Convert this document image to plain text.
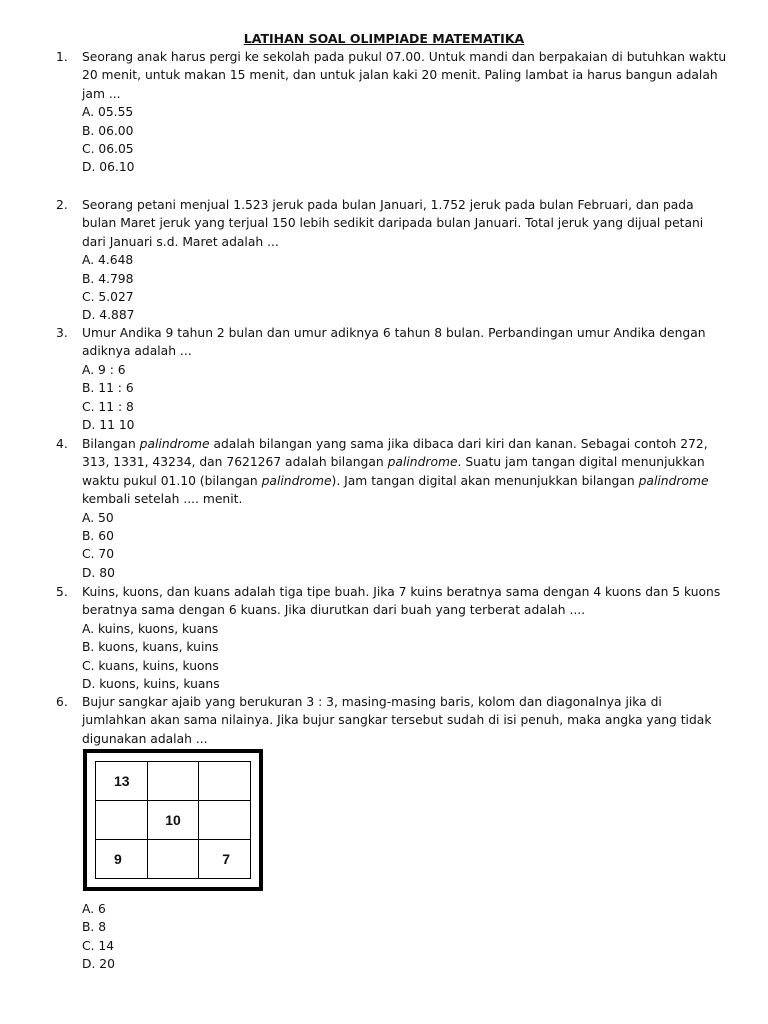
LATIHAN SOAL OLIMPIADE MATEMATIKA
1.	Seorang anak harus pergi ke sekolah pada pukul 07.00. Untuk mandi dan berpakaian di butuhkan waktu 20 menit, untuk makan 15 menit, dan untuk jalan kaki 20 menit. Paling lambat ia harus bangun adalah jam ...
A. 05.55
B. 06.00
C. 06.05
D. 06.10
2.	Seorang petani menjual 1.523 jeruk pada bulan Januari, 1.752 jeruk pada bulan Februari, dan pada bulan Maret jeruk yang terjual 150 lebih sedikit daripada bulan Januari. Total jeruk yang dijual petani dari Januari s.d. Maret adalah ...
A. 4.648
B. 4.798
C. 5.027
D. 4.887
3.	Umur Andika 9 tahun 2 bulan dan umur adiknya 6 tahun 8 bulan. Perbandingan umur Andika dengan adiknya adalah ...
A. 9 : 6
B. 11 : 6
C. 11 : 8
D. 11 10
4.	Bilangan palindrome adalah bilangan yang sama jika dibaca dari kiri dan kanan. Sebagai contoh 272, 313, 1331, 43234, dan 7621267 adalah bilangan palindrome. Suatu jam tangan digital menunjukkan waktu pukul 01.10 (bilangan palindrome). Jam tangan digital akan menunjukkan bilangan palindrome kembali setelah .... menit.
A. 50
B. 60
C. 70
D. 80
5.	Kuins, kuons, dan kuans adalah tiga tipe buah. Jika 7 kuins beratnya sama dengan 4 kuons dan 5 kuons beratnya sama dengan 6 kuans. Jika diurutkan dari buah yang terberat adalah ....
A. kuins, kuons, kuans
B. kuons, kuans, kuins
C. kuans, kuins, kuons
D. kuons, kuins, kuans
6.	Bujur sangkar ajaib yang berukuran 3 : 3, masing-masing baris, kolom dan diagonalnya jika di jumlahkan akan sama nilainya. Jika bujur sangkar tersebut sudah di isi penuh, maka angka yang tidak digunakan adalah ...
13		
	10	
9		7
A. 6
B. 8
C. 14
D. 20
